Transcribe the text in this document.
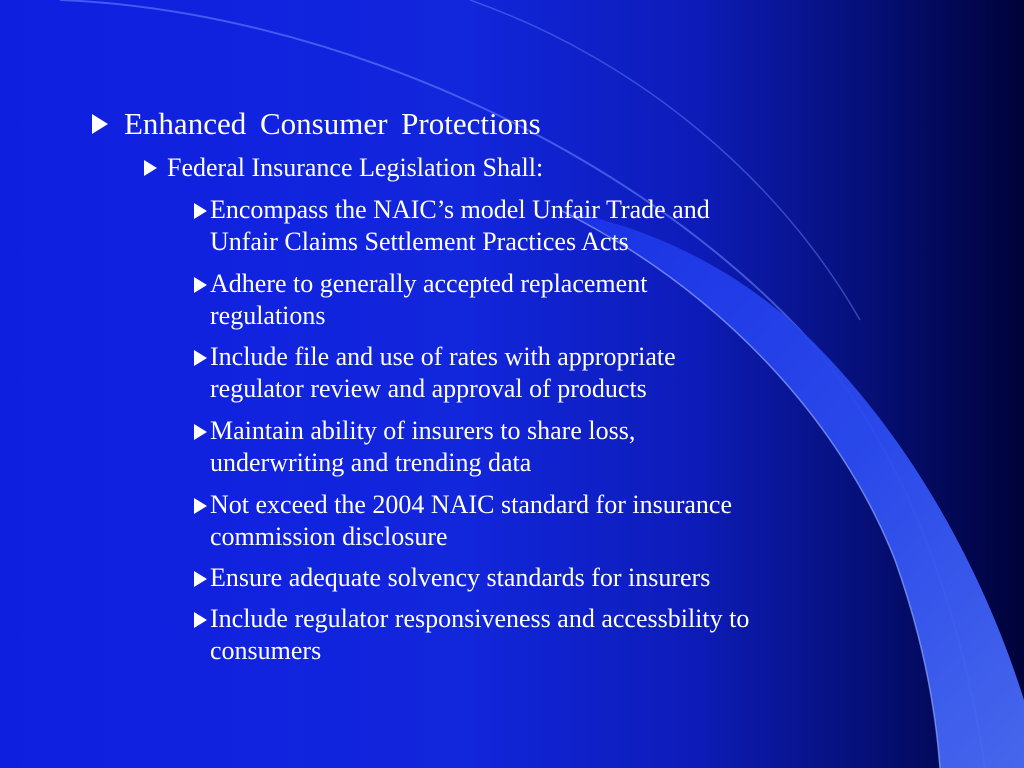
Enhanced Consumer Protections
Federal Insurance Legislation Shall:
Encompass the NAIC’s model Unfair Trade and
Unfair Claims Settlement Practices Acts
Adhere to generally accepted replacement
regulations
Include file and use of rates with appropriate
regulator review and approval of products
Maintain ability of insurers to share loss,
underwriting and trending data
Not exceed the 2004 NAIC standard for insurance
commission disclosure
Ensure adequate solvency standards for insurers
Include regulator responsiveness and accessbility to
consumers
